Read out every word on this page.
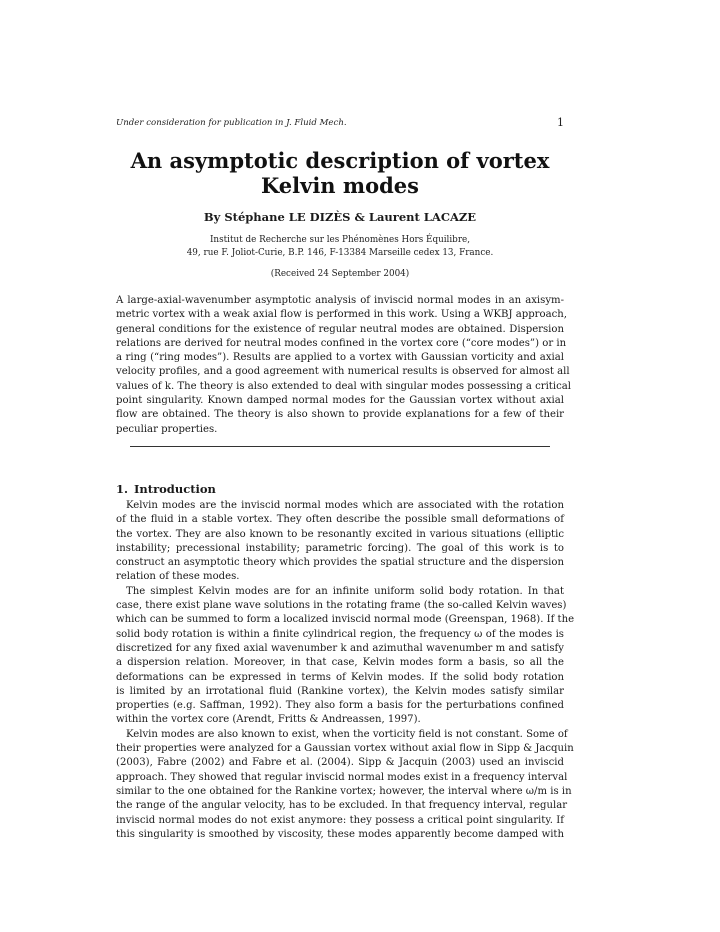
Under consideration for publication in J. Fluid Mech.	1
An asymptotic description of vortex Kelvin modes
By Stéphane LE DIZÈS & Laurent LACAZE
Institut de Recherche sur les Phénomènes Hors Équilibre,
49, rue F. Joliot-Curie, B.P. 146, F-13384 Marseille cedex 13, France.
(Received 24 September 2004)
A large-axial-wavenumber asymptotic analysis of inviscid normal modes in an axisym-
metric vortex with a weak axial flow is performed in this work. Using a WKBJ approach,
general conditions for the existence of regular neutral modes are obtained. Dispersion
relations are derived for neutral modes confined in the vortex core (“core modes”) or in
a ring (“ring modes”). Results are applied to a vortex with Gaussian vorticity and axial
velocity profiles, and a good agreement with numerical results is observed for almost all
values of k. The theory is also extended to deal with singular modes possessing a critical
point singularity. Known damped normal modes for the Gaussian vortex without axial
flow are obtained. The theory is also shown to provide explanations for a few of their
peculiar properties.
1. Introduction
Kelvin modes are the inviscid normal modes which are associated with the rotation
of the fluid in a stable vortex. They often describe the possible small deformations of
the vortex. They are also known to be resonantly excited in various situations (elliptic
instability; precessional instability; parametric forcing). The goal of this work is to
construct an asymptotic theory which provides the spatial structure and the dispersion
relation of these modes.
The simplest Kelvin modes are for an infinite uniform solid body rotation. In that
case, there exist plane wave solutions in the rotating frame (the so-called Kelvin waves)
which can be summed to form a localized inviscid normal mode (Greenspan, 1968). If the
solid body rotation is within a finite cylindrical region, the frequency ω of the modes is
discretized for any fixed axial wavenumber k and azimuthal wavenumber m and satisfy
a dispersion relation. Moreover, in that case, Kelvin modes form a basis, so all the
deformations can be expressed in terms of Kelvin modes. If the solid body rotation
is limited by an irrotational fluid (Rankine vortex), the Kelvin modes satisfy similar
properties (e.g. Saffman, 1992). They also form a basis for the perturbations confined
within the vortex core (Arendt, Fritts & Andreassen, 1997).
Kelvin modes are also known to exist, when the vorticity field is not constant. Some of
their properties were analyzed for a Gaussian vortex without axial flow in Sipp & Jacquin
(2003), Fabre (2002) and Fabre et al. (2004). Sipp & Jacquin (2003) used an inviscid
approach. They showed that regular inviscid normal modes exist in a frequency interval
similar to the one obtained for the Rankine vortex; however, the interval where ω/m is in
the range of the angular velocity, has to be excluded. In that frequency interval, regular
inviscid normal modes do not exist anymore: they possess a critical point singularity. If
this singularity is smoothed by viscosity, these modes apparently become damped with
